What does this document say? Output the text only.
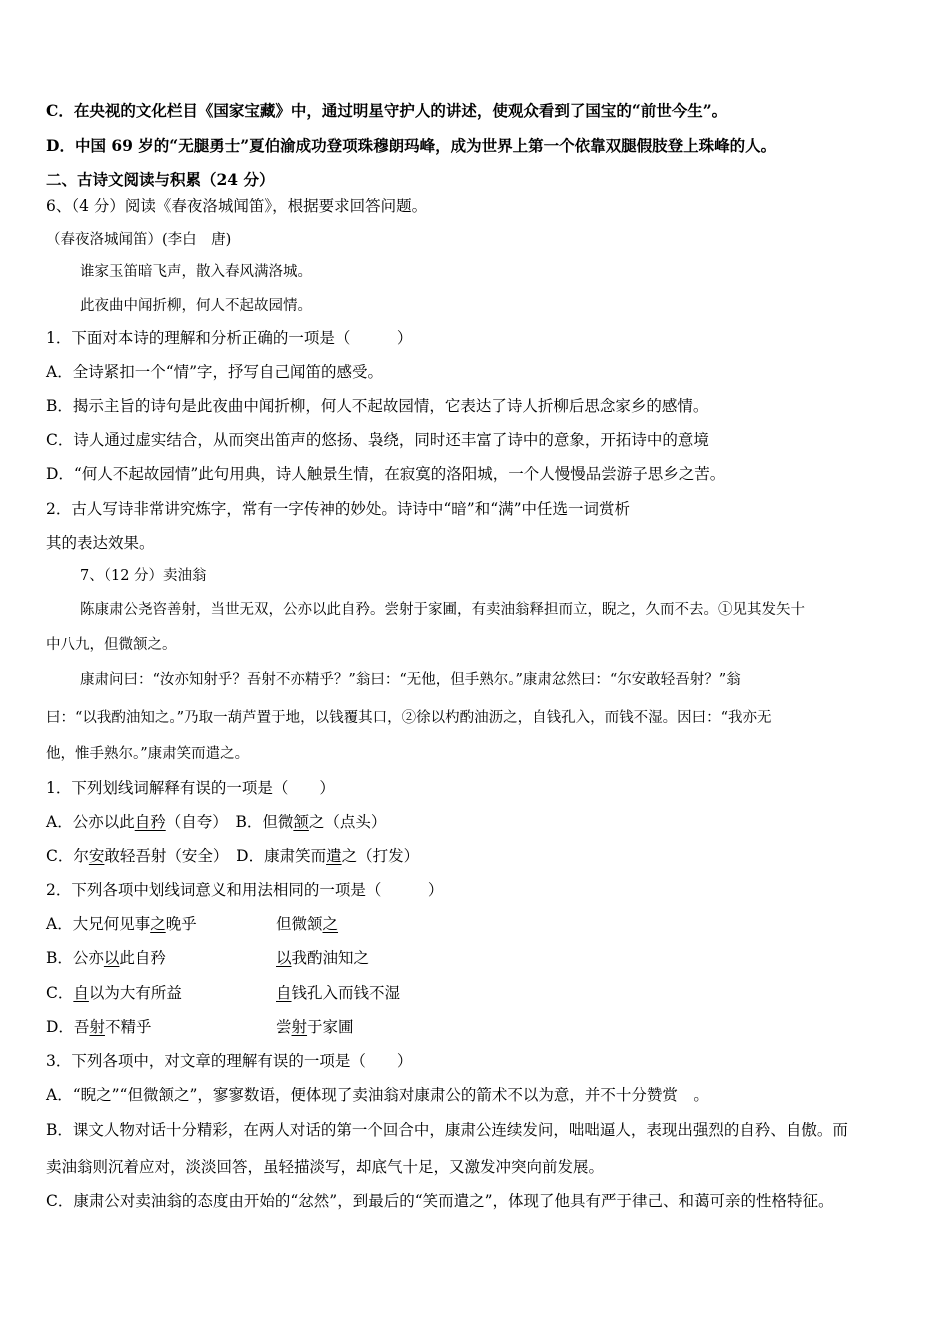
C．在央视的文化栏目《国家宝藏》中，通过明星守护人的讲述，使观众看到了国宝的“前世今生”。
D．中国 69 岁的“无腿勇士”夏伯渝成功登项珠穆朗玛峰，成为世界上第一个依靠双腿假肢登上珠峰的人。
二、古诗文阅读与积累（24 分）
6、（4 分）阅读《春夜洛城闻笛》，根据要求回答问题。
（春夜洛城闻笛）(李白　唐)
谁家玉笛暗飞声，散入春风满洛城。
此夜曲中闻折柳，何人不起故园情。
1．下面对本诗的理解和分析正确的一项是（　　　）
A．全诗紧扣一个“情”字，抒写自己闻笛的感受。
B．揭示主旨的诗句是此夜曲中闻折柳，何人不起故园情，它表达了诗人折柳后思念家乡的感情。
C．诗人通过虚实结合，从而突出笛声的悠扬、袅绕，同时还丰富了诗中的意象，开拓诗中的意境
D．“何人不起故园情”此句用典，诗人触景生情，在寂寞的洛阳城，一个人慢慢品尝游子思乡之苦。
2．古人写诗非常讲究炼字，常有一字传神的妙处。诗诗中“暗”和“满”中任选一词赏析
其的表达效果。
7、（12 分）卖油翁
陈康肃公尧咨善射，当世无双，公亦以此自矜。尝射于家圃，有卖油翁释担而立，睨之，久而不去。①见其发矢十
中八九，但微颔之。
康肃问曰：“汝亦知射乎？吾射不亦精乎？”翁曰：“无他，但手熟尔。”康肃忿然曰：“尔安敢轻吾射？”翁
曰：“以我酌油知之。”乃取一葫芦置于地，以钱覆其口，②徐以杓酌油沥之，自钱孔入，而钱不湿。因曰：“我亦无
他，惟手熟尔。”康肃笑而遣之。
1．下列划线词解释有误的一项是（　　）
A．公亦以此自矜（自夸）　B．但微颔之（点头）
C．尔安敢轻吾射（安全）　D．康肃笑而遣之（打发）
2．下列各项中划线词意义和用法相同的一项是（　　　）
A．大兄何见事之晚乎	但微颔之
B．公亦以此自矜	以我酌油知之
C．自以为大有所益	自钱孔入而钱不湿
D．吾射不精乎	尝射于家圃
3．下列各项中，对文章的理解有误的一项是（　　）
A．“睨之”“但微颔之”，寥寥数语，便体现了卖油翁对康肃公的箭术不以为意，并不十分赞赏　。
B．课文人物对话十分精彩，在两人对话的第一个回合中，康肃公连续发问，咄咄逼人，表现出强烈的自矜、自傲。而
卖油翁则沉着应对，淡淡回答，虽轻描淡写，却底气十足，又激发冲突向前发展。
C．康肃公对卖油翁的态度由开始的“忿然”，到最后的“笑而遣之”，体现了他具有严于律己、和蔼可亲的性格特征。
